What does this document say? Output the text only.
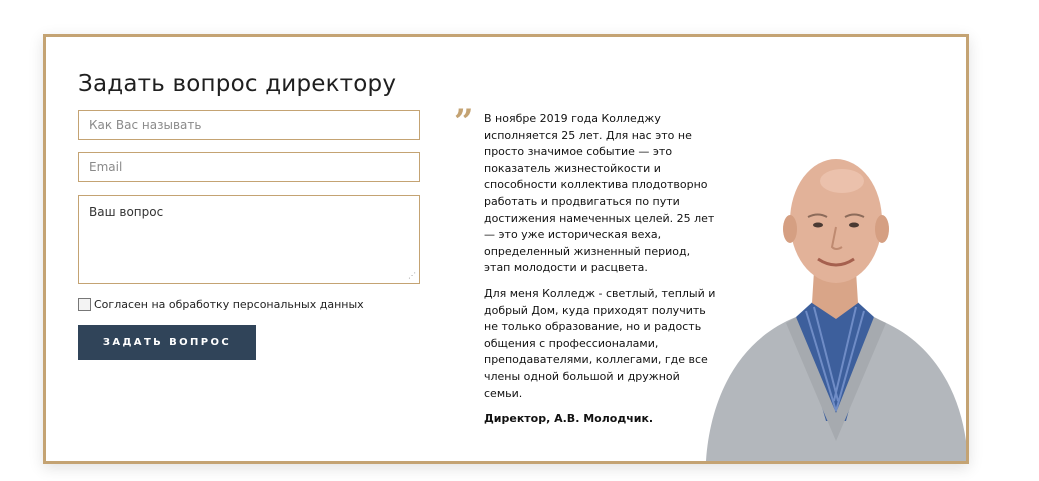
Задать вопрос директору
Как Вас называть
Email
Ваш вопрос
⋰
Согласен на обработку персональных данных
ЗАДАТЬ ВОПРОС
” В ноябре 2019 года Колледжу исполняется 25 лет. Для нас это не просто значимое событие — это показатель жизнестойкости и способности коллектива плодотворно работать и продвигаться по пути достижения намеченных целей. 25 лет — это уже историческая веха, определенный жизненный период, этап молодости и расцвета.

Для меня Колледж - светлый, теплый и добрый Дом, куда приходят получить не только образование, но и радость общения с профессионалами, преподавателями, коллегами, где все члены одной большой и дружной семьи.

Директор, А.В. Молодчик.
